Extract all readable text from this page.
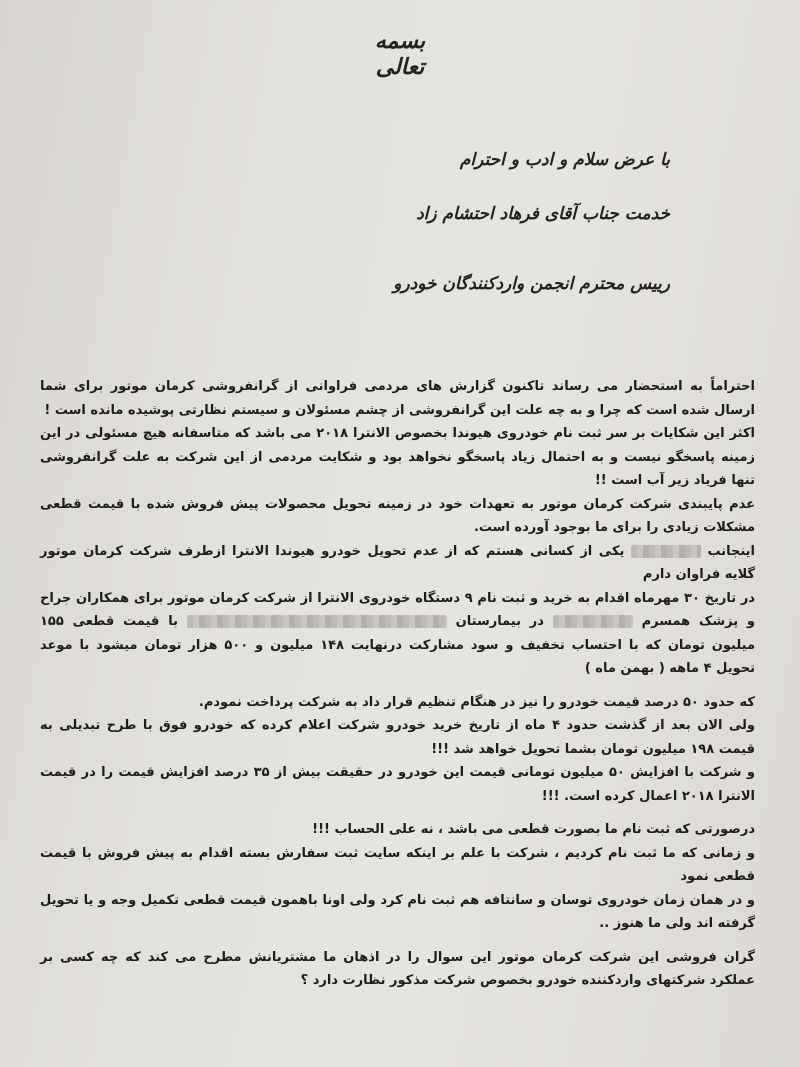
بسمه تعالی
با عرض سلام و ادب و احترام
خدمت جناب آقای فرهاد احتشام زاد
رییس محترم انجمن واردکنندگان خودرو

احتراماً به استحضار می رساند تاکنون گزارش های مردمی فراوانی از گرانفروشی کرمان موتور برای شما ارسال شده است که چرا و به چه علت این گرانفروشی از چشم مسئولان و سیستم نظارتی پوشیده مانده است !

اکثر این شکایات بر سر ثبت نام خودروی هیوندا بخصوص الانترا ۲۰۱۸ می باشد که متاسفانه هیچ مسئولی در این زمینه پاسخگو نیست و به احتمال زیاد پاسخگو نخواهد بود و شکایت مردمی از این شرکت به علت گرانفروشی تنها فریاد زیر آب است !!

عدم پایبندی شرکت کرمان موتور به تعهدات خود در زمینه تحویل محصولات پیش فروش شده با قیمت قطعی مشکلات زیادی را برای ما بوجود آورده است.

اینجانب  یکی از کسانی هستم که از عدم تحویل خودرو هیوندا الانترا ازطرف شرکت کرمان موتور گلایه فراوان دارم

در تاریخ ۳۰ مهرماه اقدام به خرید و ثبت نام ۹ دستگاه خودروی الانترا از شرکت کرمان موتور برای همکاران جراح و پزشک همسرم  در بیمارستان  با قیمت قطعی ۱۵۵ میلیون تومان که با احتساب تخفیف و سود مشارکت درنهایت ۱۴۸ میلیون و ۵۰۰ هزار تومان میشود با موعد تحویل ۴ ماهه ( بهمن ماه )

که حدود ۵۰ درصد قیمت خودرو را نیز در هنگام تنظیم قرار داد به شرکت پرداخت نمودم.

ولی الان بعد از گذشت حدود ۴ ماه از تاریخ خرید خودرو شرکت اعلام کرده که خودرو فوق با طرح تبدیلی به قیمت ۱۹۸ میلیون تومان بشما تحویل خواهد شد !!!

و شرکت با افزایش ۵۰ میلیون تومانی قیمت این خودرو در حقیقت بیش از ۳۵ درصد افزایش قیمت را در قیمت الانترا ۲۰۱۸ اعمال کرده است. !!!

درصورتی که ثبت نام ما بصورت قطعی می باشد ، نه علی الحساب !!!

و زمانی که ما ثبت نام کردیم ، شرکت با علم بر اینکه سایت ثبت سفارش بسته اقدام به پیش فروش با قیمت قطعی نمود

و در همان زمان خودروی توسان و سانتافه هم ثبت نام کرد ولی اونا باهمون قیمت قطعی تکمیل وجه و یا تحویل گرفته اند ولی ما هنوز ..

گران فروشی این شرکت کرمان موتور این سوال را در اذهان ما مشتریانش مطرح می کند که چه کسی بر عملکرد شرکتهای واردکننده خودرو بخصوص شرکت مذکور نظارت دارد ؟
